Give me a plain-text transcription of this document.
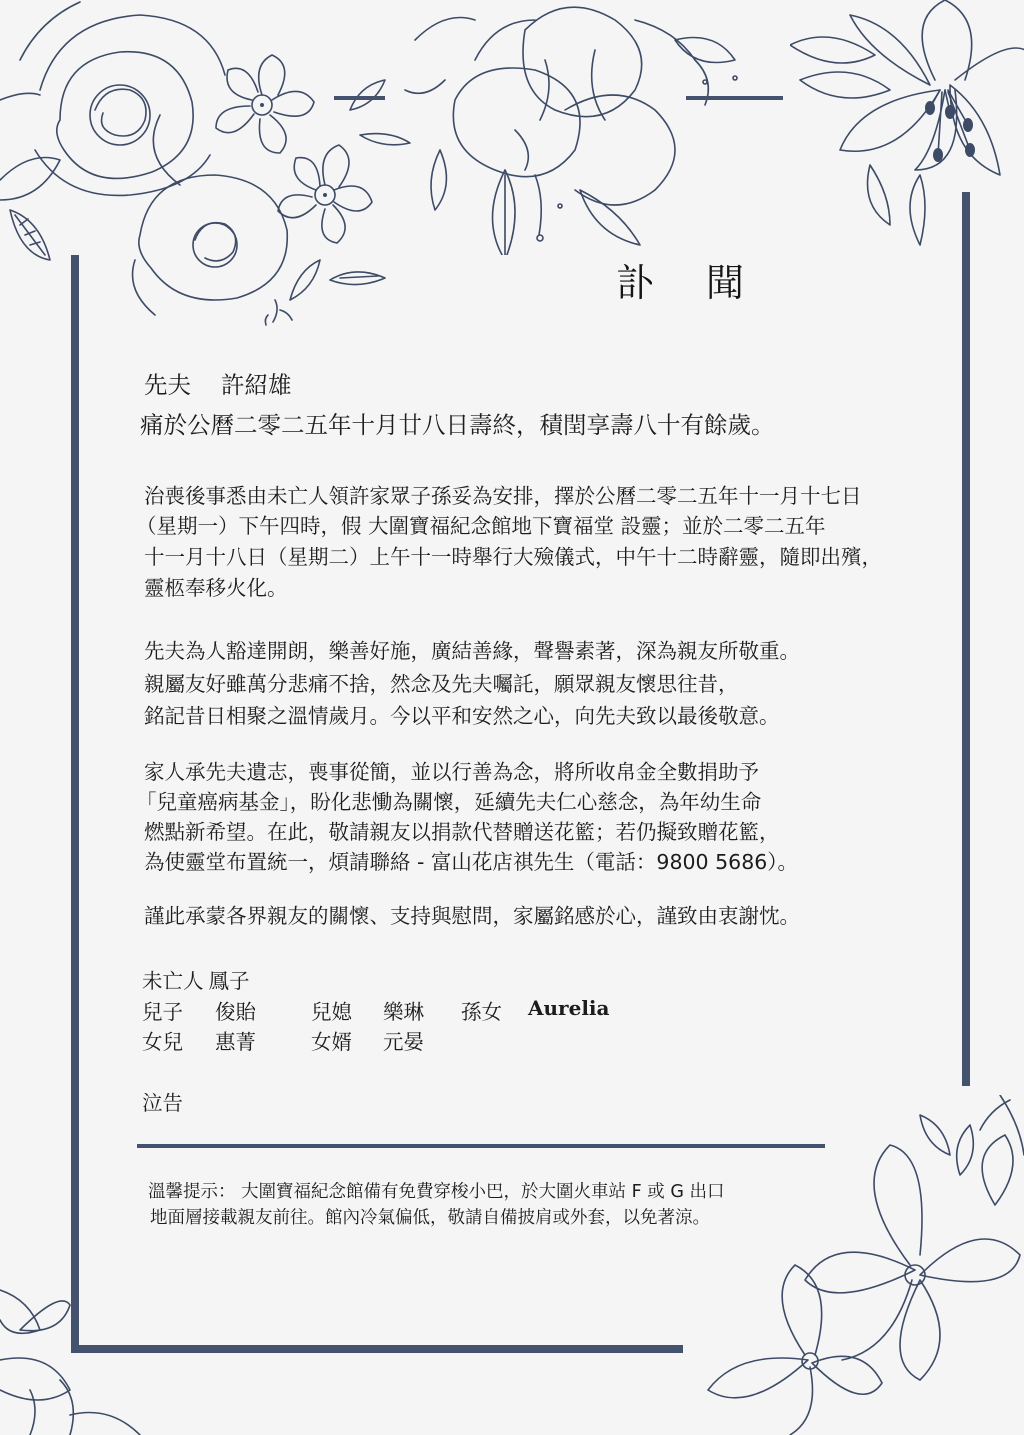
訃 聞
先夫 許紹雄
痛於公曆二零二五年十月廿八日壽終，積閏享壽八十有餘歲。
治喪後事悉由未亡人領許家眾子孫妥為安排，擇於公曆二零二五年十一月十七日
（星期一）下午四時，假 大圍寶福紀念館地下寶福堂 設靈；並於二零二五年
十一月十八日（星期二）上午十一時舉行大殮儀式，中午十二時辭靈，隨即出殯，
靈柩奉移火化。
先夫為人豁達開朗，樂善好施，廣結善緣，聲譽素著，深為親友所敬重。
親屬友好雖萬分悲痛不捨，然念及先夫囑託，願眾親友懷思往昔，
銘記昔日相聚之溫情歲月。今以平和安然之心，向先夫致以最後敬意。
家人承先夫遺志，喪事從簡，並以行善為念，將所收帛金全數捐助予
「兒童癌病基金」，盼化悲慟為關懷，延續先夫仁心慈念，為年幼生命
燃點新希望。在此，敬請親友以捐款代替贈送花籃；若仍擬致贈花籃，
為使靈堂布置統一，煩請聯絡 - 富山花店祺先生（電話：9800 5686）。
謹此承蒙各界親友的關懷、支持與慰問，家屬銘感於心，謹致由衷謝忱。
未亡人 鳳子
兒子 俊貽	兒媳 樂琳 孫女 Aurelia
女兒 惠菁	女婿 元晏
泣告
溫馨提示： 大圍寶福紀念館備有免費穿梭小巴，於大圍火車站 F 或 G 出口
地面層接載親友前往。館內冷氣偏低，敬請自備披肩或外套，以免著涼。
